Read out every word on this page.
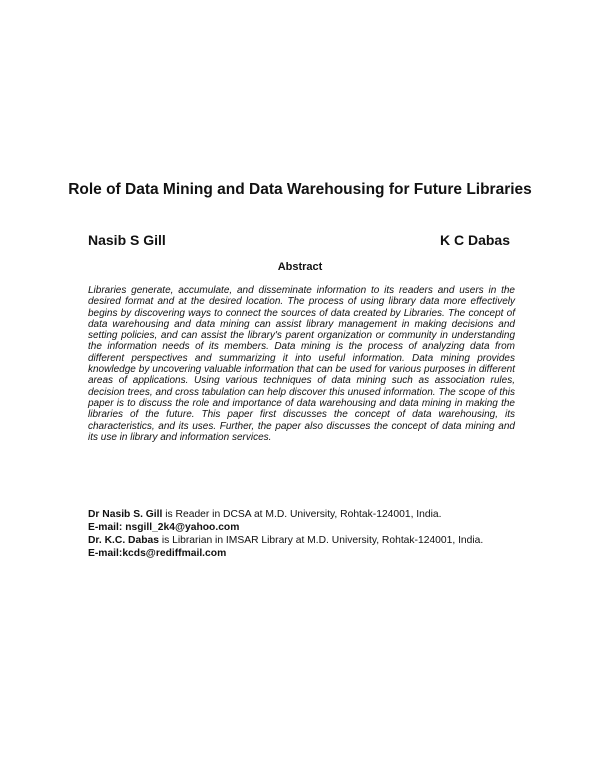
Role of Data Mining and Data Warehousing for Future Libraries

Nasib S Gill	K C Dabas

Abstract

Libraries generate, accumulate, and disseminate information to its readers and users in the desired format and at the desired location. The process of using library data more effectively begins by discovering ways to connect the sources of data created by Libraries. The concept of data warehousing and data mining can assist library management in making decisions and setting policies, and can assist the library's parent organization or community in understanding the information needs of its members. Data mining is the process of analyzing data from different perspectives and summarizing it into useful information. Data mining provides knowledge by uncovering valuable information that can be used for various purposes in different areas of applications. Using various techniques of data mining such as association rules, decision trees, and cross tabulation can help discover this unused information. The scope of this paper is to discuss the role and importance of data warehousing and data mining in making the libraries of the future. This paper first discusses the concept of data warehousing, its characteristics, and its uses. Further, the paper also discusses the concept of data mining and its use in library and information services.

Dr Nasib S. Gill is Reader in DCSA at M.D. University, Rohtak-124001, India.

E-mail: nsgill_2k4@yahoo.com

Dr. K.C. Dabas is Librarian in IMSAR Library at M.D. University, Rohtak-124001, India.

E-mail:kcds@rediffmail.com
